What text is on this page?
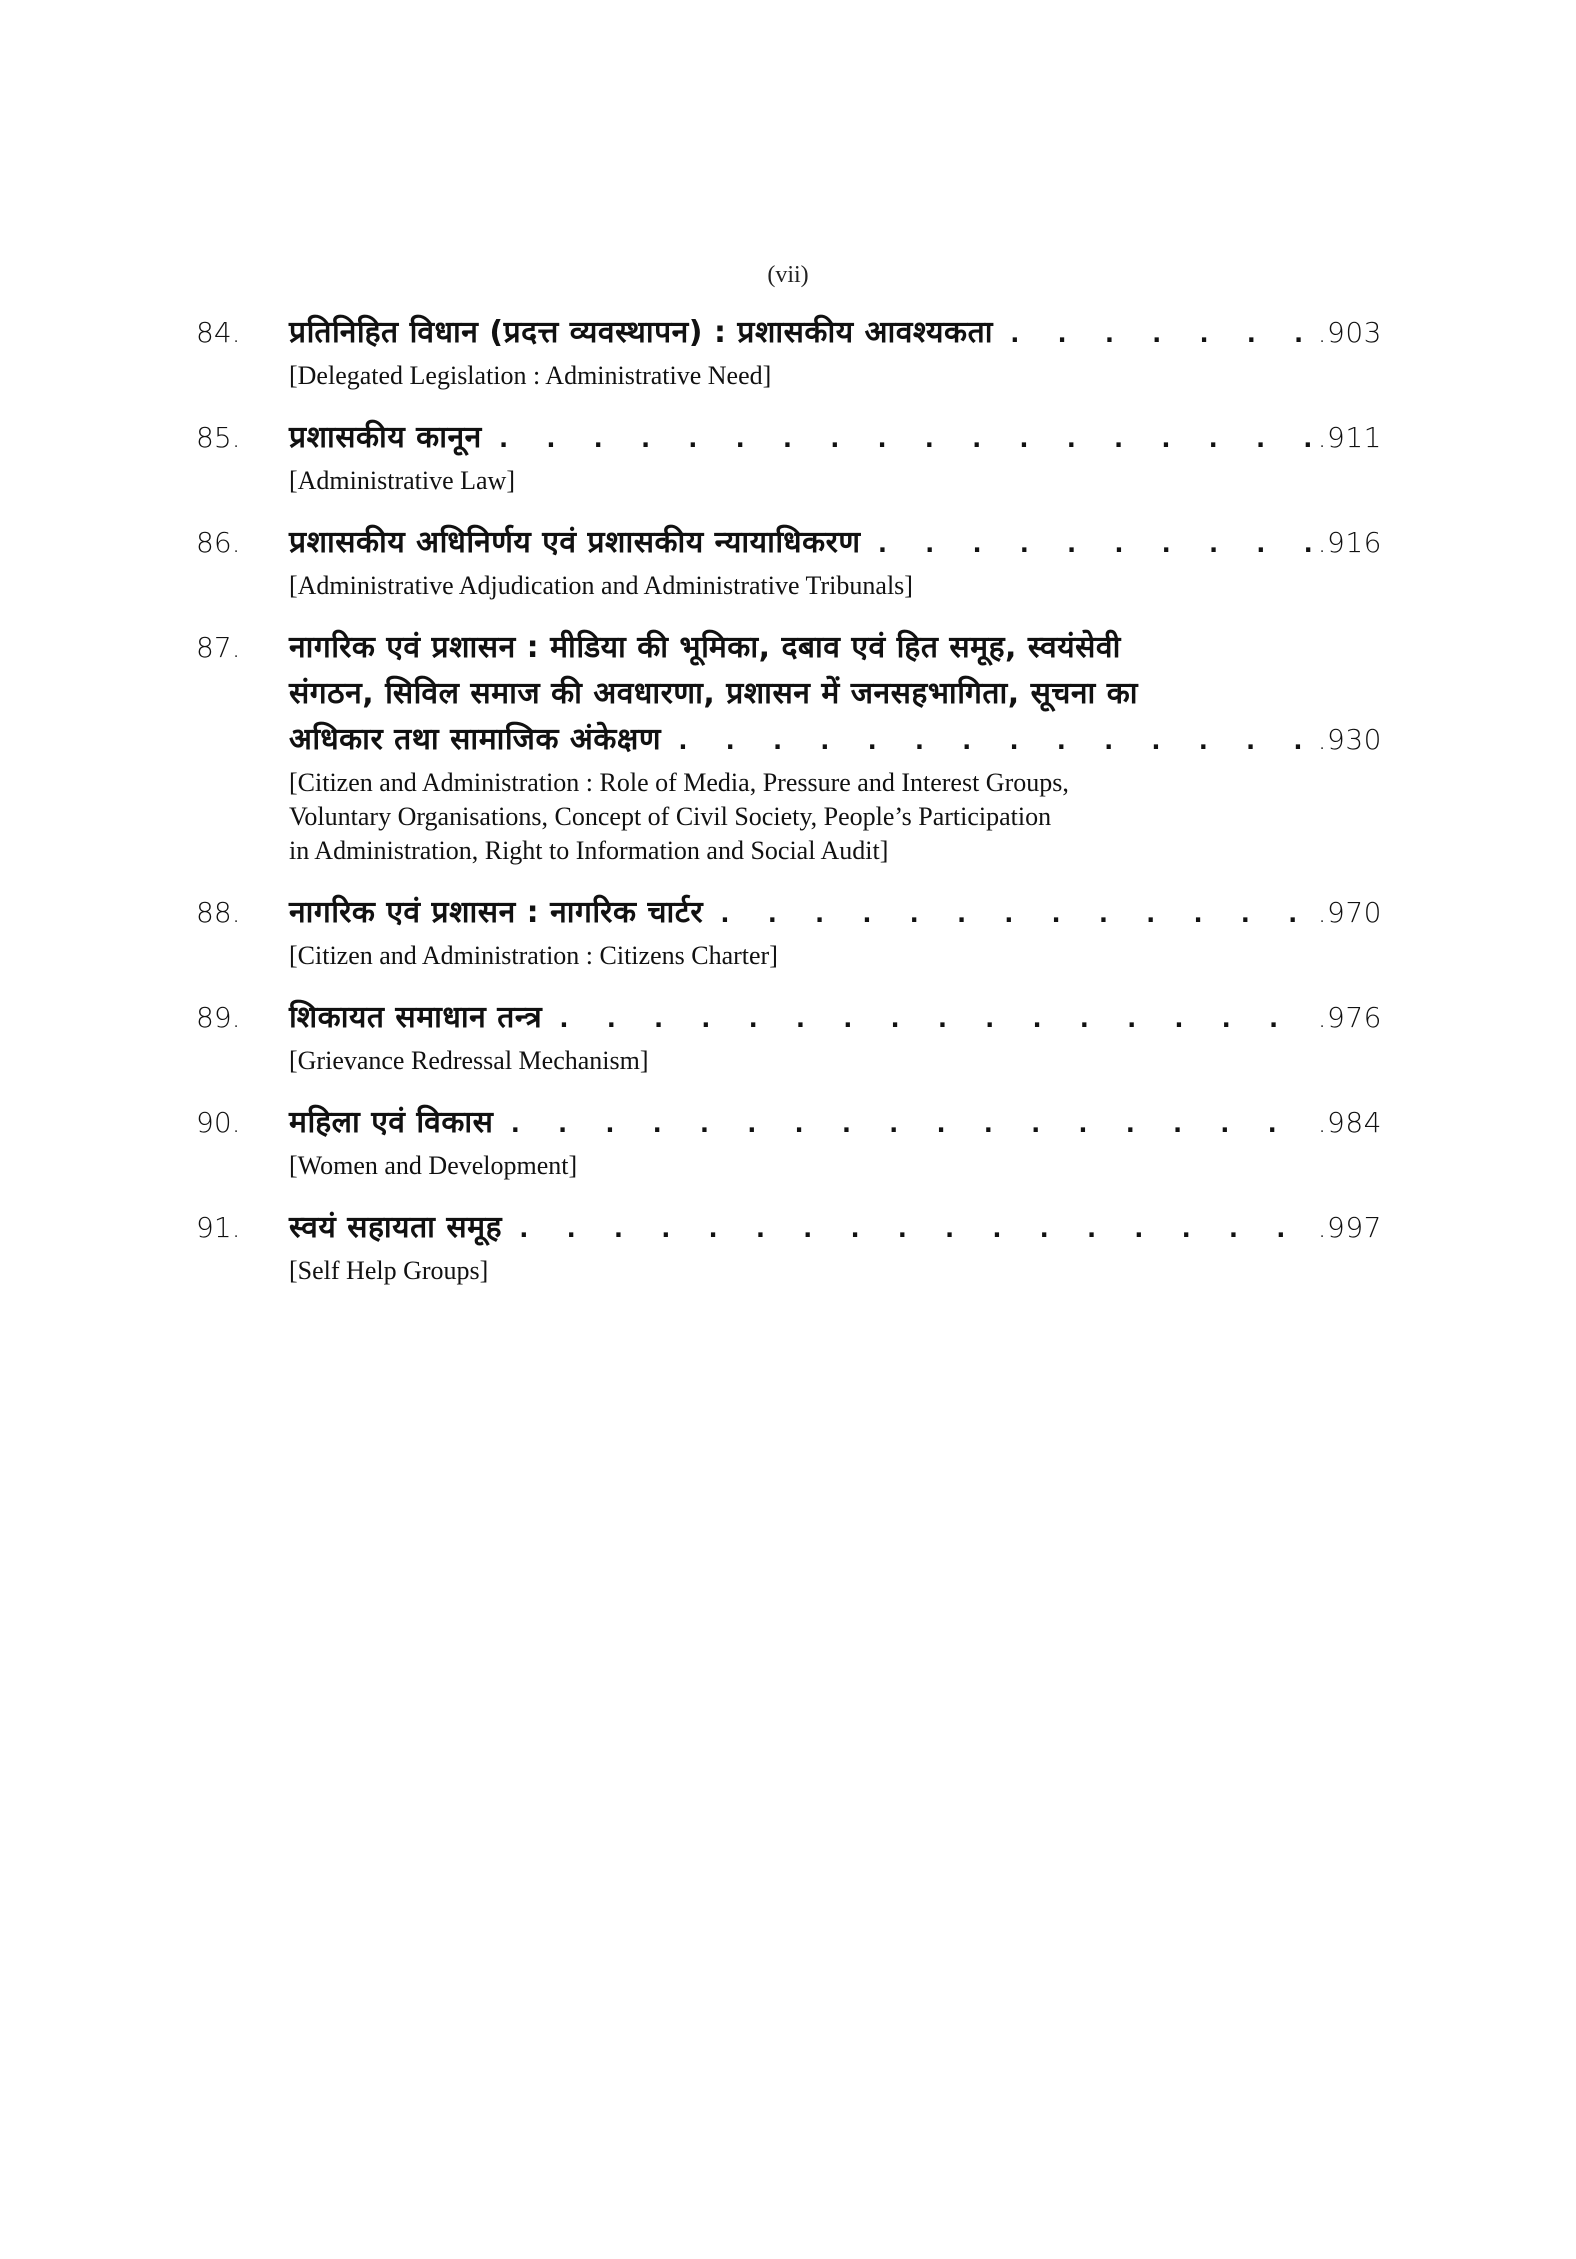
(vii)
84.	प्रतिनिहित विधान (प्रदत्त व्यवस्थापन) : प्रशासकीय आवश्यकता . . .	.903
[Delegated Legislation : Administrative Need]
85.	प्रशासकीय कानून . . .	.911
[Administrative Law]
86.	प्रशासकीय अधिनिर्णय एवं प्रशासकीय न्यायाधिकरण . . .	.916
[Administrative Adjudication and Administrative Tribunals]
87.	नागरिक एवं प्रशासन : मीडिया की भूमिका, दबाव एवं हित समूह, स्वयंसेवी
संगठन, सिविल समाज की अवधारणा, प्रशासन में जनसहभागिता, सूचना का
अधिकार तथा सामाजिक अंकेक्षण . . .	.930
[Citizen and Administration : Role of Media, Pressure and Interest Groups,
Voluntary Organisations, Concept of Civil Society, People’s Participation
in Administration, Right to Information and Social Audit]
88.	नागरिक एवं प्रशासन : नागरिक चार्टर . . .	.970
[Citizen and Administration : Citizens Charter]
89.	शिकायत समाधान तन्त्र . . .	.976
[Grievance Redressal Mechanism]
90.	महिला एवं विकास . . .	.984
[Women and Development]
91.	स्वयं सहायता समूह . . .	.997
[Self Help Groups]
